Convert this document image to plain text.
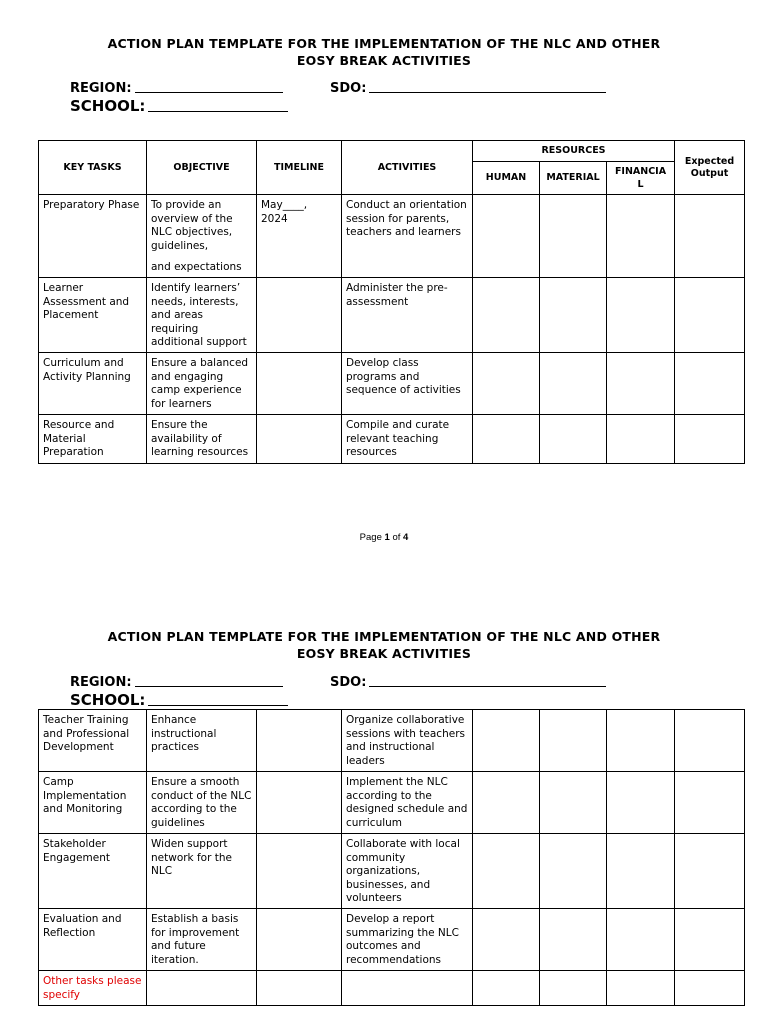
ACTION PLAN TEMPLATE FOR THE IMPLEMENTATION OF THE NLC AND OTHER
EOSY BREAK ACTIVITIES
REGION:	SDO:
SCHOOL:
KEY TASKS	OBJECTIVE	TIMELINE	ACTIVITIES	RESOURCES			Expected
Output

				HUMAN	MATERIAL	FINANCIA
L	

Preparatory Phase	To provide an overview of the NLC objectives, guidelines,
and expectations	May____, 2024	Conduct an orientation session for parents, teachers and learners				
Learner Assessment and Placement	Identify learners’ needs, interests, and areas requiring additional support		Administer the pre-assessment				
Curriculum and Activity Planning	Ensure a balanced and engaging camp experience for learners		Develop class programs and sequence of activities				
Resource and Material Preparation	Ensure the availability of learning resources		Compile and curate relevant teaching resources				
Page 1 of 4
ACTION PLAN TEMPLATE FOR THE IMPLEMENTATION OF THE NLC AND OTHER
EOSY BREAK ACTIVITIES
REGION:	SDO:
SCHOOL:
Teacher Training and Professional Development	Enhance instructional practices		Organize collaborative sessions with teachers and instructional leaders				
Camp Implementation and Monitoring	Ensure a smooth conduct of the NLC according to the guidelines		Implement the NLC according to the designed schedule and curriculum				
Stakeholder Engagement	Widen support network for the NLC		Collaborate with local community organizations, businesses, and volunteers				
Evaluation and Reflection	Establish a basis for improvement and future iteration.		Develop a report summarizing the NLC outcomes and recommendations				
Other tasks please specify							
